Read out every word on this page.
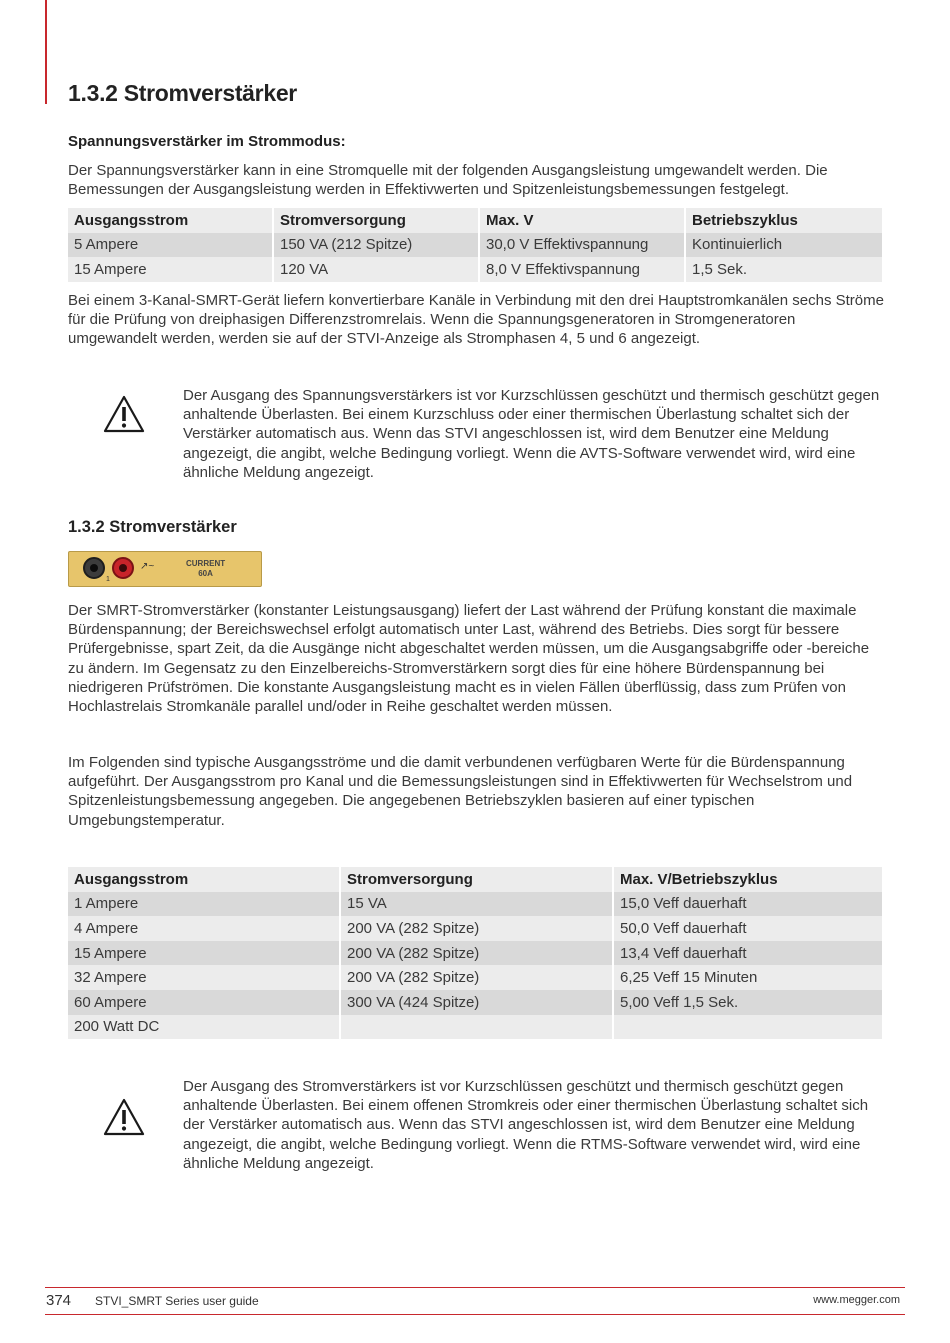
1.3.2 Stromverstärker
Spannungsverstärker im Strommodus:

Der Spannungsverstärker kann in eine Stromquelle mit der folgenden Ausgangsleistung umgewandelt werden. Die Bemessungen der Ausgangsleistung werden in Effektivwerten und Spitzenleistungsbemessungen festgelegt.

Ausgangsstrom	Stromversorgung	Max. V	Betriebszyklus
5 Ampere	150 VA (212 Spitze)	30,0 V Effektivspannung	Kontinuierlich
15 Ampere	120 VA	8,0 V Effektivspannung	1,5 Sek.

Bei einem 3-Kanal-SMRT-Gerät liefern konvertierbare Kanäle in Verbindung mit den drei Hauptstromkanälen sechs Ströme für die Prüfung von dreiphasigen Differenzstromrelais. Wenn die Spannungsgeneratoren in Stromgeneratoren umgewandelt werden, werden sie auf der STVI-Anzeige als Stromphasen 4, 5 und 6 angezeigt.

Der Ausgang des Spannungsverstärkers ist vor Kurzschlüssen geschützt und thermisch geschützt gegen anhaltende Überlasten. Bei einem Kurzschluss oder einer thermischen Überlastung schaltet sich der Verstärker automatisch aus. Wenn das STVI angeschlossen ist, wird dem Benutzer eine Meldung angezeigt, die angibt, welche Bedingung vorliegt. Wenn die AVTS-Software verwendet wird, wird eine ähnliche Meldung angezeigt.

1.3.2 Stromverstärker
↗~	CURRENT
60A
1

Der SMRT-Stromverstärker (konstanter Leistungsausgang) liefert der Last während der Prüfung konstant die maximale Bürdenspannung; der Bereichswechsel erfolgt automatisch unter Last, während des Betriebs. Dies sorgt für bessere Prüfergebnisse, spart Zeit, da die Ausgänge nicht abgeschaltet werden müssen, um die Ausgangsabgriffe oder -bereiche zu ändern. Im Gegensatz zu den Einzelbereichs-Stromverstärkern sorgt dies für eine höhere Bürdenspannung bei niedrigeren Prüfströmen. Die konstante Ausgangsleistung macht es in vielen Fällen überflüssig, dass zum Prüfen von Hochlastrelais Stromkanäle parallel und/oder in Reihe geschaltet werden müssen.

Im Folgenden sind typische Ausgangsströme und die damit verbundenen verfügbaren Werte für die Bürdenspannung aufgeführt. Der Ausgangsstrom pro Kanal und die Bemessungsleistungen sind in Effektivwerten für Wechselstrom und Spitzenleistungsbemessung angegeben. Die angegebenen Betriebszyklen basieren auf einer typischen Umgebungstemperatur.

Ausgangsstrom	Stromversorgung	Max. V/Betriebszyklus
1 Ampere	15 VA	15,0 Veff dauerhaft
4 Ampere	200 VA (282 Spitze)	50,0 Veff dauerhaft
15 Ampere	200 VA (282 Spitze)	13,4 Veff dauerhaft
32 Ampere	200 VA (282 Spitze)	6,25 Veff 15 Minuten
60 Ampere	300 VA (424 Spitze)	5,00 Veff 1,5 Sek.
200 Watt DC		

Der Ausgang des Stromverstärkers ist vor Kurzschlüssen geschützt und thermisch geschützt gegen anhaltende Überlasten. Bei einem offenen Stromkreis oder einer thermischen Überlastung schaltet sich der Verstärker automatisch aus. Wenn das STVI angeschlossen ist, wird dem Benutzer eine Meldung angezeigt, die angibt, welche Bedingung vorliegt. Wenn die RTMS-Software verwendet wird, wird eine ähnliche Meldung angezeigt.

374 STVI_SMRT Series user guide	www.megger.com
